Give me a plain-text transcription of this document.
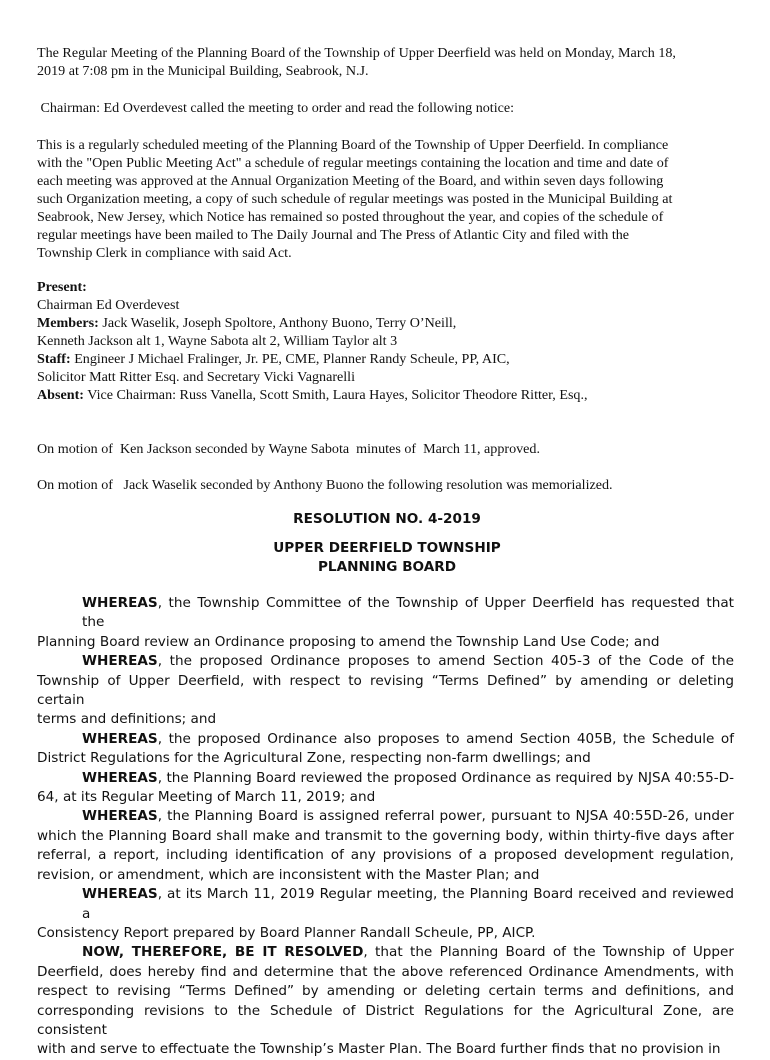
The Regular Meeting of the Planning Board of the Township of Upper Deerfield was held on Monday, March 18,
2019 at 7:08 pm in the Municipal Building, Seabrook, N.J.
Chairman: Ed Overdevest called the meeting to order and read the following notice:
This is a regularly scheduled meeting of the Planning Board of the Township of Upper Deerfield. In compliance
with the "Open Public Meeting Act" a schedule of regular meetings containing the location and time and date of
each meeting was approved at the Annual Organization Meeting of the Board, and within seven days following
such Organization meeting, a copy of such schedule of regular meetings was posted in the Municipal Building at
Seabrook, New Jersey, which Notice has remained so posted throughout the year, and copies of the schedule of
regular meetings have been mailed to The Daily Journal and The Press of Atlantic City and filed with the
Township Clerk in compliance with said Act.
Present:
Chairman Ed Overdevest
Members: Jack Waselik, Joseph Spoltore, Anthony Buono, Terry O’Neill,
Kenneth Jackson alt 1, Wayne Sabota alt 2, William Taylor alt 3
Staff: Engineer J Michael Fralinger, Jr. PE, CME, Planner Randy Scheule, PP, AIC,
Solicitor Matt Ritter Esq. and Secretary Vicki Vagnarelli
Absent: Vice Chairman: Russ Vanella, Scott Smith, Laura Hayes, Solicitor Theodore Ritter, Esq.,
On motion of  Ken Jackson seconded by Wayne Sabota  minutes of  March 11, approved.
On motion of   Jack Waselik seconded by Anthony Buono the following resolution was memorialized.
RESOLUTION NO. 4-2019
UPPER DEERFIELD TOWNSHIP
PLANNING BOARD
WHEREAS, the Township Committee of the Township of Upper Deerfield has requested that the
Planning Board review an Ordinance proposing to amend the Township Land Use Code; and
WHEREAS, the proposed Ordinance proposes to amend Section 405-3 of the Code of the
Township of Upper Deerfield, with respect to revising “Terms Defined” by amending or deleting certain
terms and definitions; and
WHEREAS, the proposed Ordinance also proposes to amend Section 405B, the Schedule of
District Regulations for the Agricultural Zone, respecting non-farm dwellings; and
WHEREAS, the Planning Board reviewed the proposed Ordinance as required by NJSA 40:55-D-
64, at its Regular Meeting of March 11, 2019; and
WHEREAS, the Planning Board is assigned referral power, pursuant to NJSA 40:55D-26, under
which the Planning Board shall make and transmit to the governing body, within thirty-five days after
referral, a report, including identification of any provisions of a proposed development regulation,
revision, or amendment, which are inconsistent with the Master Plan; and
WHEREAS, at its March 11, 2019 Regular meeting, the Planning Board received and reviewed a
Consistency Report prepared by Board Planner Randall Scheule, PP, AICP.
NOW, THEREFORE, BE IT RESOLVED, that the Planning Board of the Township of Upper
Deerfield, does hereby find and determine that the above referenced Ordinance Amendments, with
respect to revising “Terms Defined” by amending or deleting certain terms and definitions, and
corresponding revisions to the Schedule of District Regulations for the Agricultural Zone, are consistent
with and serve to effectuate the Township’s Master Plan. The Board further finds that no provision in
